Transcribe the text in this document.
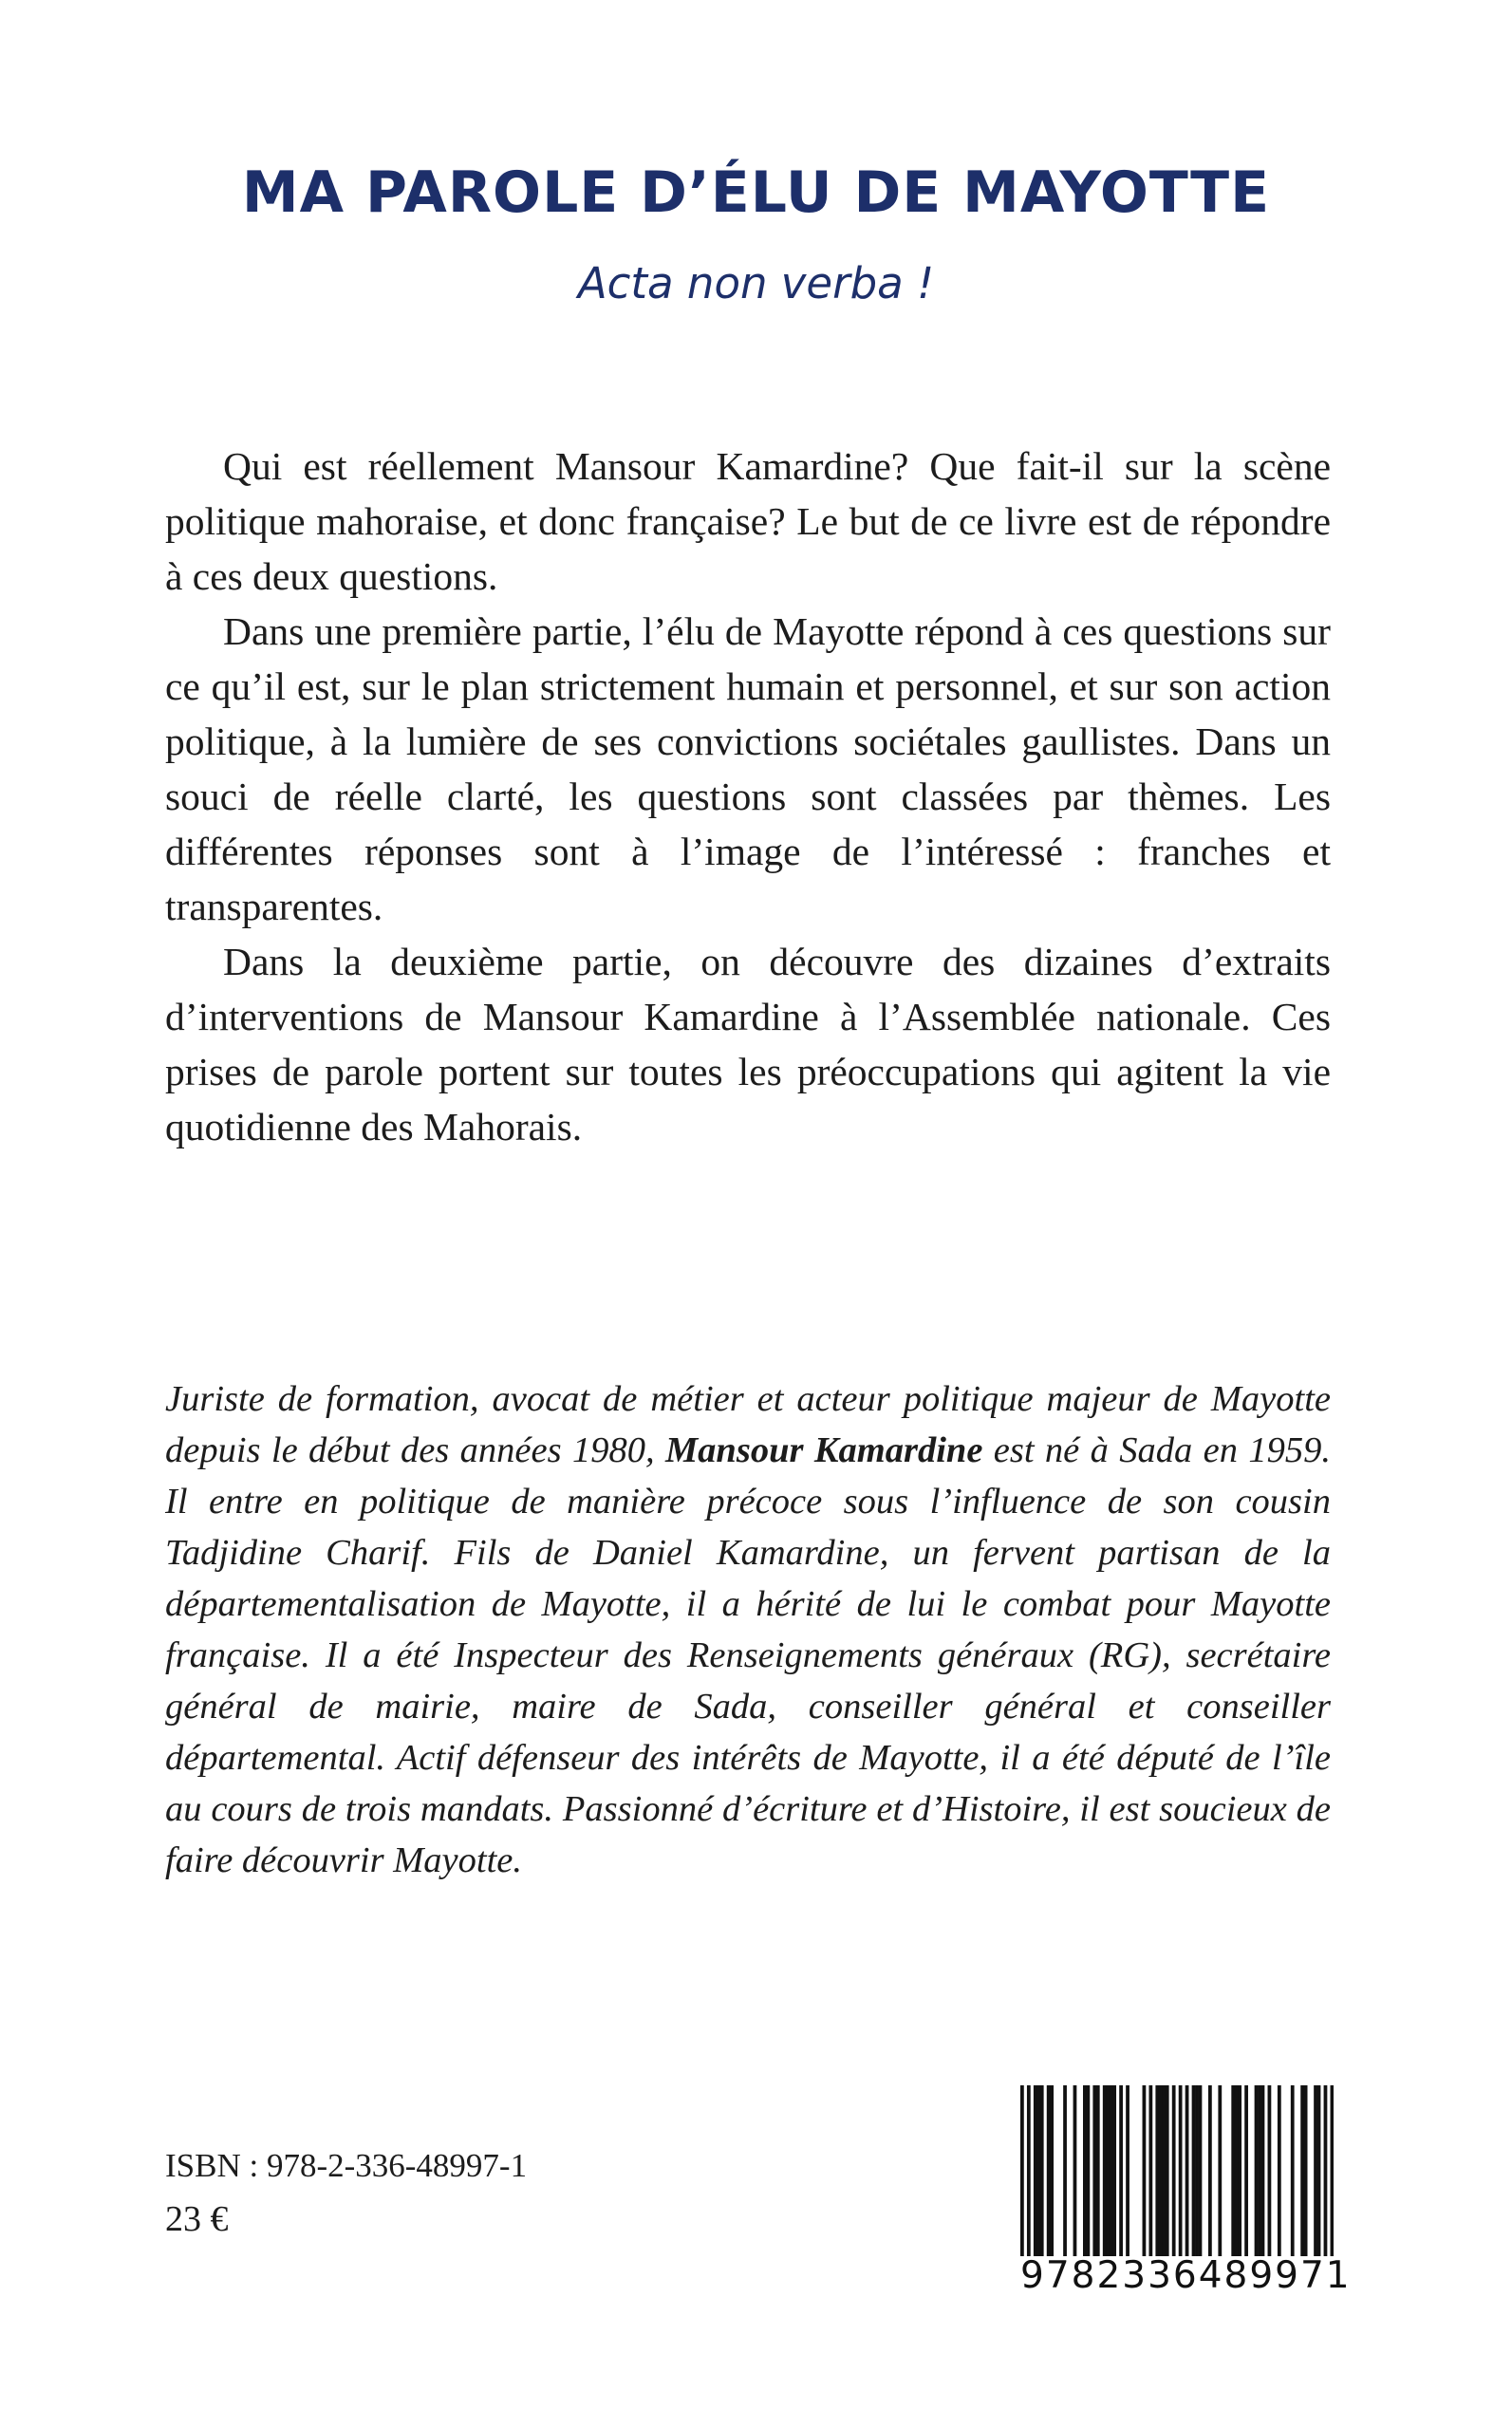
MA PAROLE D’ÉLU DE MAYOTTE
Acta non verba !

Qui est réellement Mansour Kamardine? Que fait-il sur la scène politique mahoraise, et donc française? Le but de ce livre est de répondre à ces deux questions.

Dans une première partie, l’élu de Mayotte répond à ces questions sur ce qu’il est, sur le plan strictement humain et personnel, et sur son action politique, à la lumière de ses convictions sociétales gaullistes. Dans un souci de réelle clarté, les questions sont classées par thèmes. Les différentes réponses sont à l’image de l’intéressé : franches et transparentes.

Dans la deuxième partie, on découvre des dizaines d’extraits d’interventions de Mansour Kamardine à l’Assemblée nationale. Ces prises de parole portent sur toutes les préoccupations qui agitent la vie quotidienne des Mahorais.

Juriste de formation, avocat de métier et acteur politique majeur de Mayotte depuis le début des années 1980, Mansour Kamardine est né à Sada en 1959. Il entre en politique de manière précoce sous l’influence de son cousin Tadjidine Charif. Fils de Daniel Kamardine, un fervent partisan de la départementalisation de Mayotte, il a hérité de lui le combat pour Mayotte française. Il a été Inspecteur des Renseignements généraux (RG), secrétaire général de mairie, maire de Sada, conseiller général et conseiller départemental. Actif défenseur des intérêts de Mayotte, il a été député de l’île au cours de trois mandats. Passionné d’écriture et d’Histoire, il est soucieux de faire découvrir Mayotte.

ISBN : 978-2-336-48997-1
23 €
9782336489971
